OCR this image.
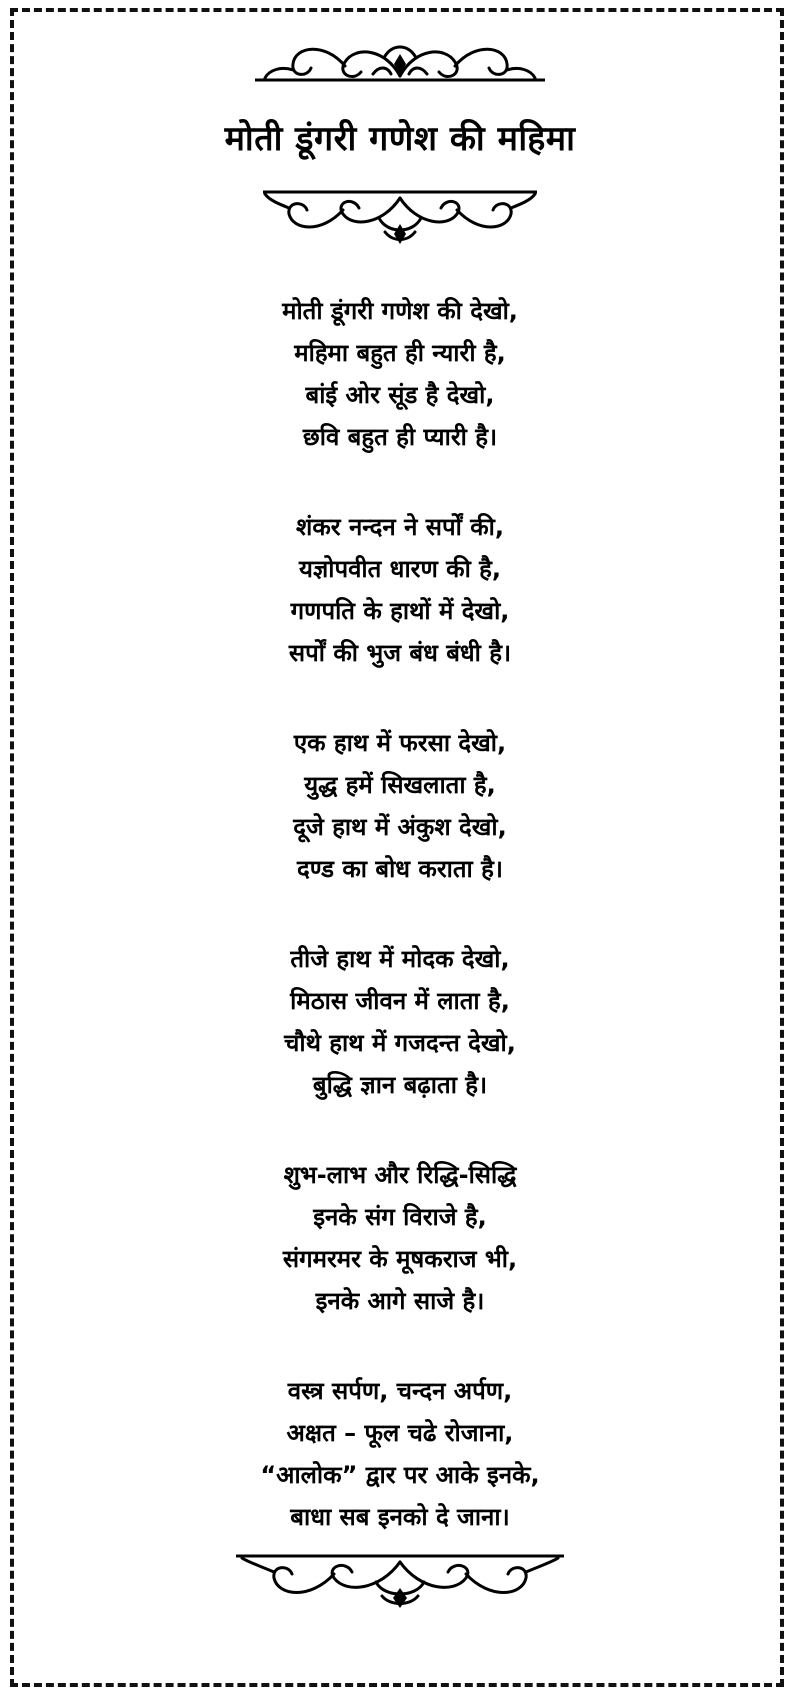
मोती डूंगरी गणेश की महिमा
मोती डूंगरी गणेश की देखो,
महिमा बहुत ही न्यारी है,
बांई ओर सूंड है देखो,
छवि बहुत ही प्यारी है।
शंकर नन्दन ने सर्पों की,
यज्ञोपवीत धारण की है,
गणपति के हाथों में देखो,
सर्पों की भुज बंध बंधी है।
एक हाथ में फरसा देखो,
युद्ध हमें सिखलाता है,
दूजे हाथ में अंकुश देखो,
दण्ड का बोध कराता है।
तीजे हाथ में मोदक देखो,
मिठास जीवन में लाता है,
चौथे हाथ में गजदन्त देखो,
बुद्धि ज्ञान बढ़ाता है।
शुभ-लाभ और रिद्धि-सिद्धि
इनके संग विराजे है,
संगमरमर के मूषकराज भी,
इनके आगे साजे है।
वस्त्र सर्पण, चन्दन अर्पण,
अक्षत – फूल चढे रोजाना,
“आलोक” द्वार पर आके इनके,
बाधा सब इनको दे जाना।
